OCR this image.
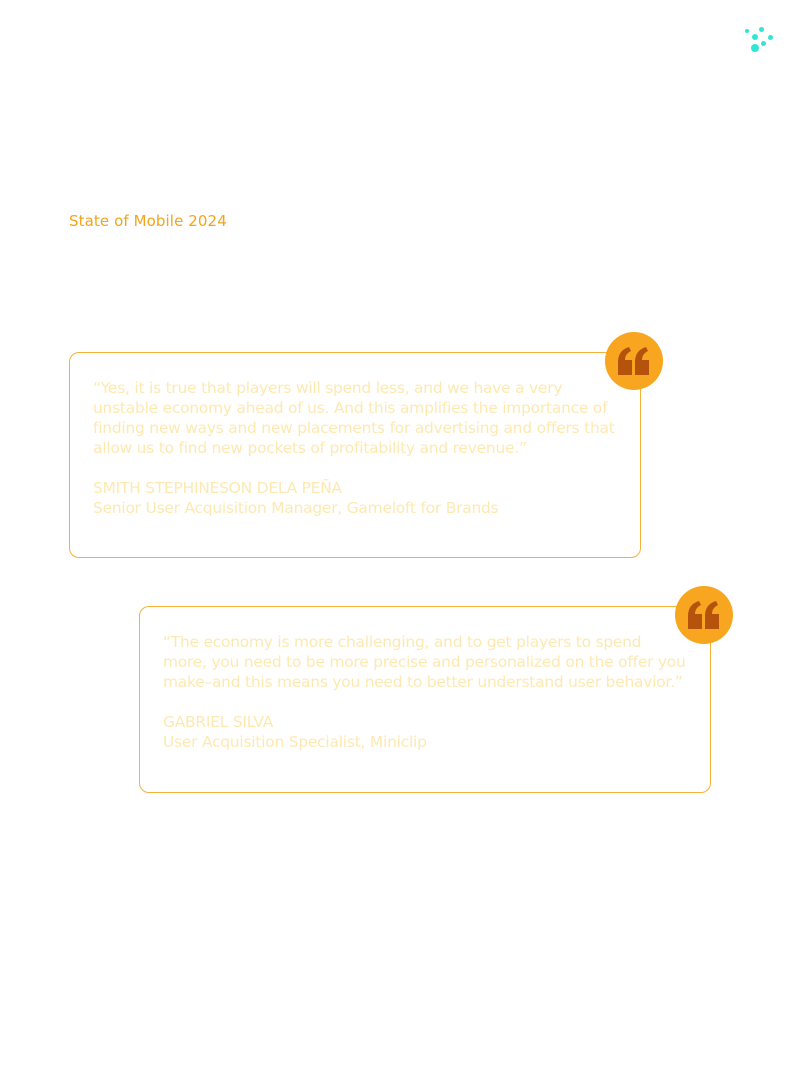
State of Mobile 2024

“Yes, it is true that players will spend less, and we have a very unstable economy ahead of us. And this amplifies the importance of finding new ways and new placements for advertising and offers that allow us to find new pockets of profitability and revenue.”

SMITH STEPHINESON DELA PEÑA

Senior User Acquisition Manager, Gameloft for Brands

“The economy is more challenging, and to get players to spend more, you need to be more precise and personalized on the offer you make–and this means you need to better understand user behavior.”

GABRIEL SILVA

User Acquisition Specialist, Miniclip
